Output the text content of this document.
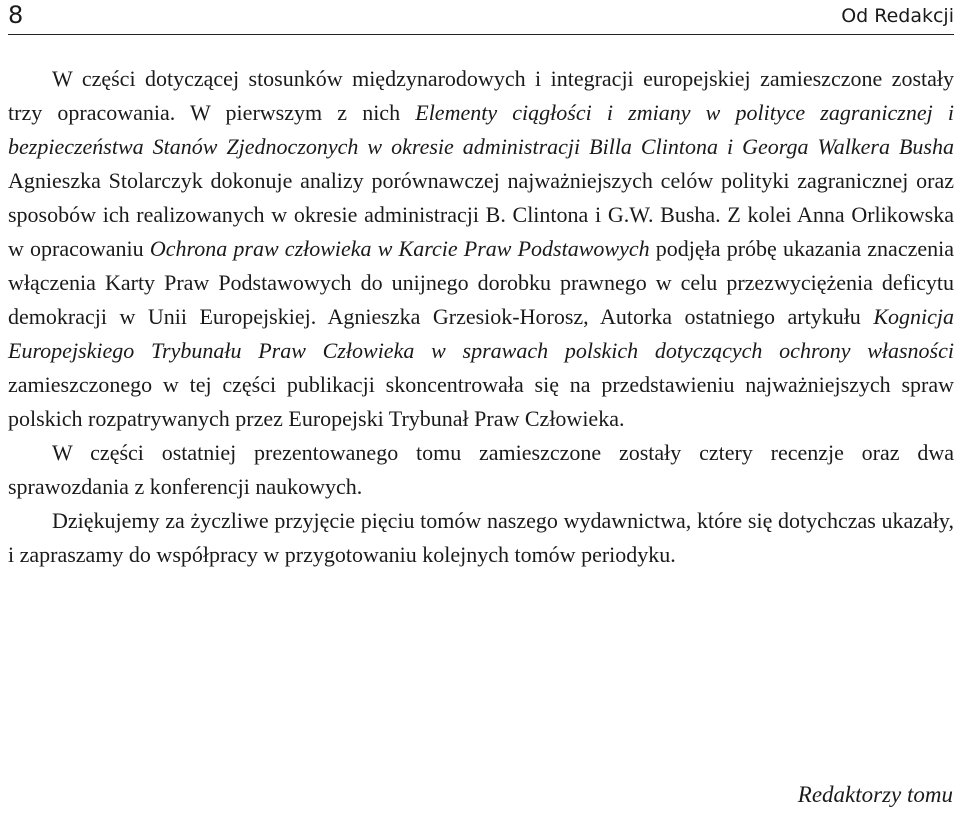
8	Od Redakcji

W części dotyczącej stosunków międzynarodowych i integracji europejskiej zamieszczone zostały trzy opracowania. W pierwszym z nich Elementy ciągłości i zmiany w polityce zagranicznej i bezpieczeństwa Stanów Zjednoczonych w okresie administracji Billa Clintona i Georga Walkera Busha Agnieszka Stolarczyk dokonuje analizy porównawczej najważniejszych celów polityki zagranicznej oraz sposobów ich realizowanych w okresie administracji B. Clintona i G.W. Busha. Z kolei Anna Orlikowska w opracowaniu Ochrona praw człowieka w Karcie Praw Podstawowych podjęła próbę ukazania znaczenia włączenia Karty Praw Podstawowych do unijnego dorobku prawnego w celu przezwyciężenia deficytu demokracji w Unii Europejskiej. Agnieszka Grzesiok-Horosz, Autorka ostatniego artykułu Kognicja Europejskiego Trybunału Praw Człowieka w sprawach polskich dotyczących ochrony własności zamieszczonego w tej części publikacji skoncentrowała się na przedstawieniu najważniejszych spraw polskich rozpatrywanych przez Europejski Trybunał Praw Człowieka.

W części ostatniej prezentowanego tomu zamieszczone zostały cztery recenzje oraz dwa sprawozdania z konferencji naukowych.

Dziękujemy za życzliwe przyjęcie pięciu tomów naszego wydawnictwa, które się dotychczas ukazały, i zapraszamy do współpracy w przygotowaniu kolejnych tomów periodyku.

Redaktorzy tomu
